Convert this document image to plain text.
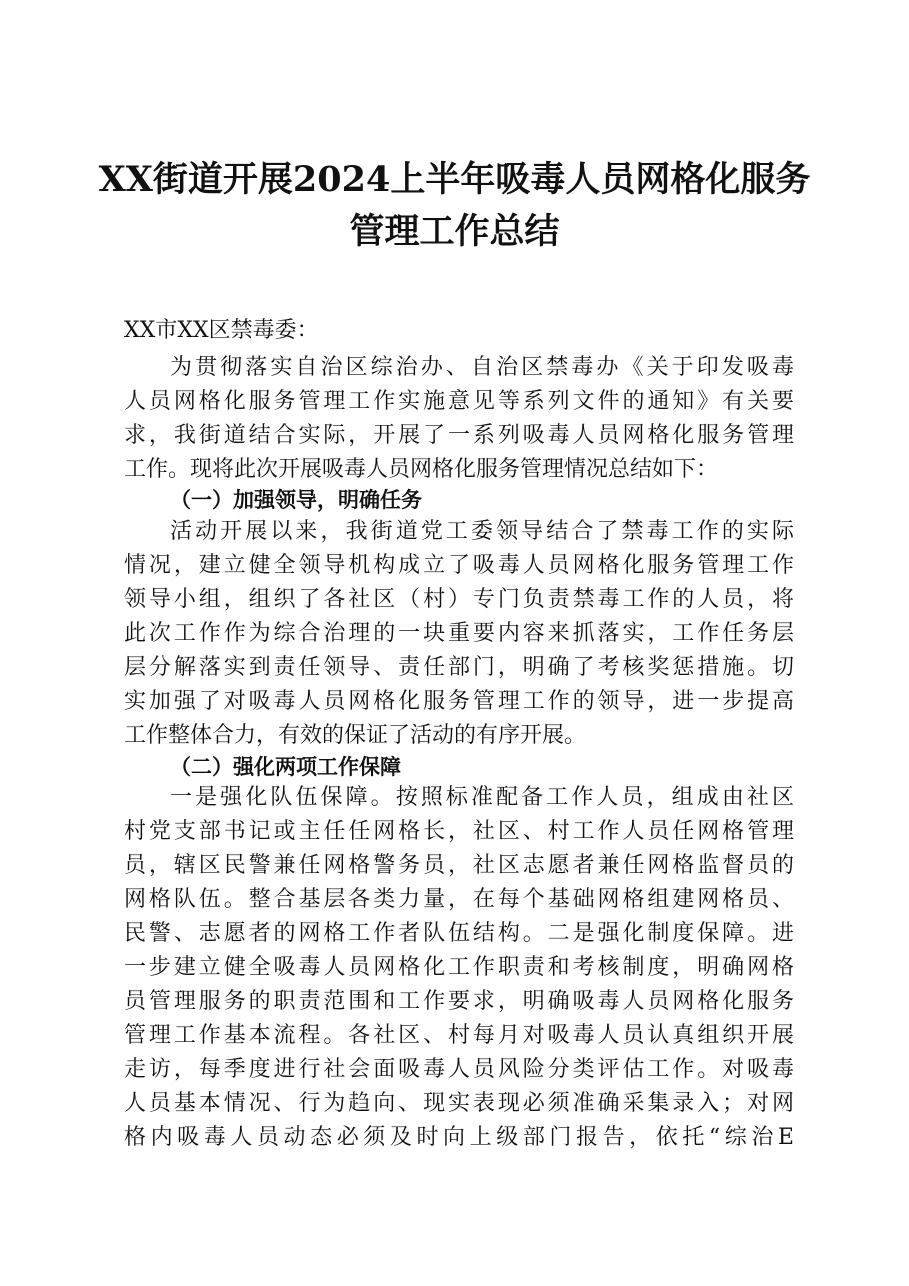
XX街道开展2024上半年吸毒人员网格化服务
管理工作总结
XX市XX区禁毒委：
为贯彻落实自治区综治办、自治区禁毒办《关于印发吸毒
人员网格化服务管理工作实施意见等系列文件的通知》有关要
求，我街道结合实际，开展了一系列吸毒人员网格化服务管理
工作。现将此次开展吸毒人员网格化服务管理情况总结如下：
（一）加强领导，明确任务
活动开展以来，我街道党工委领导结合了禁毒工作的实际
情况，建立健全领导机构成立了吸毒人员网格化服务管理工作
领导小组，组织了各社区（村）专门负责禁毒工作的人员，将
此次工作作为综合治理的一块重要内容来抓落实，工作任务层
层分解落实到责任领导、责任部门，明确了考核奖惩措施。切
实加强了对吸毒人员网格化服务管理工作的领导，进一步提高
工作整体合力，有效的保证了活动的有序开展。
（二）强化两项工作保障
一是强化队伍保障。按照标准配备工作人员，组成由社区
村党支部书记或主任任网格长，社区、村工作人员任网格管理
员，辖区民警兼任网格警务员，社区志愿者兼任网格监督员的
网格队伍。整合基层各类力量，在每个基础网格组建网格员、
民警、志愿者的网格工作者队伍结构。二是强化制度保障。进
一步建立健全吸毒人员网格化工作职责和考核制度，明确网格
员管理服务的职责范围和工作要求，明确吸毒人员网格化服务
管理工作基本流程。各社区、村每月对吸毒人员认真组织开展
走访，每季度进行社会面吸毒人员风险分类评估工作。对吸毒
人员基本情况、行为趋向、现实表现必须准确采集录入；对网
格内吸毒人员动态必须及时向上级部门报告，依托“综治E
